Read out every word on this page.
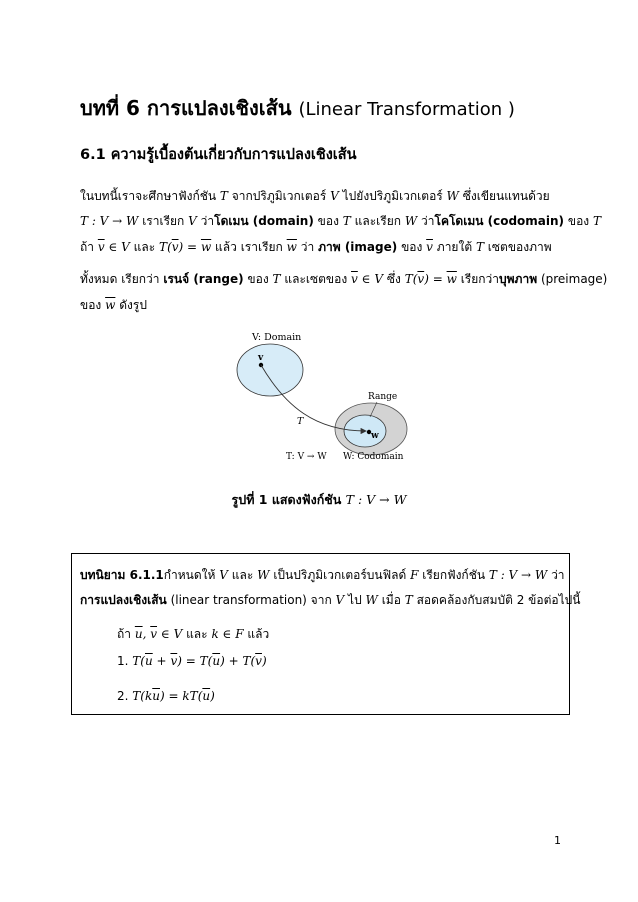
บทที่ 6 การแปลงเชิงเส้น (Linear Transformation )
6.1 ความรู้เบื้องต้นเกี่ยวกับการแปลงเชิงเส้น
ในบทนี้เราจะศึกษาฟังก์ชัน T จากปริภูมิเวกเตอร์ V ไปยังปริภูมิเวกเตอร์ W ซึ่งเขียนแทนด้วย
T : V → W เราเรียก V ว่าโดเมน (domain) ของ T และเรียก W ว่าโคโดเมน (codomain) ของ T
ถ้า $\overline{v}$ ∈ V และ $T(\overline{v}) = \overline{w}$ แล้ว เราเรียก $\overline{w}$ ว่า ภาพ (image) ของ $\overline{v}$ ภายใต้ T เซตของภาพ
ทั้งหมด เรียกว่า เรนจ์ (range) ของ T และเซตของ $\overline{v}$ ∈ V ซึ่ง $T(\overline{v}) = \overline{w}$ เรียกว่าบุพภาพ (preimage)
ของ $\overline{w}$ ดังรูป
V: Domain
v
w
Range
T
T: V → W W: Codomain
รูปที่ 1 แสดงฟังก์ชัน T : V → W
บทนิยาม 6.1.1กำหนดให้ V และ W เป็นปริภูมิเวกเตอร์บนฟิลด์ F เรียกฟังก์ชัน T : V → W ว่า
การแปลงเชิงเส้น (linear transformation) จาก V ไป W เมื่อ T สอดคล้องกับสมบัติ 2 ข้อต่อไปนี้
ถ้า $\overline{u}$, $\overline{v}$ ∈ V และ k ∈ F แล้ว
1. $T(\overline{u} + \overline{v}) = T(\overline{u}) + T(\overline{v})$
2. $T(k\overline{u}) = kT(\overline{u})$
1
